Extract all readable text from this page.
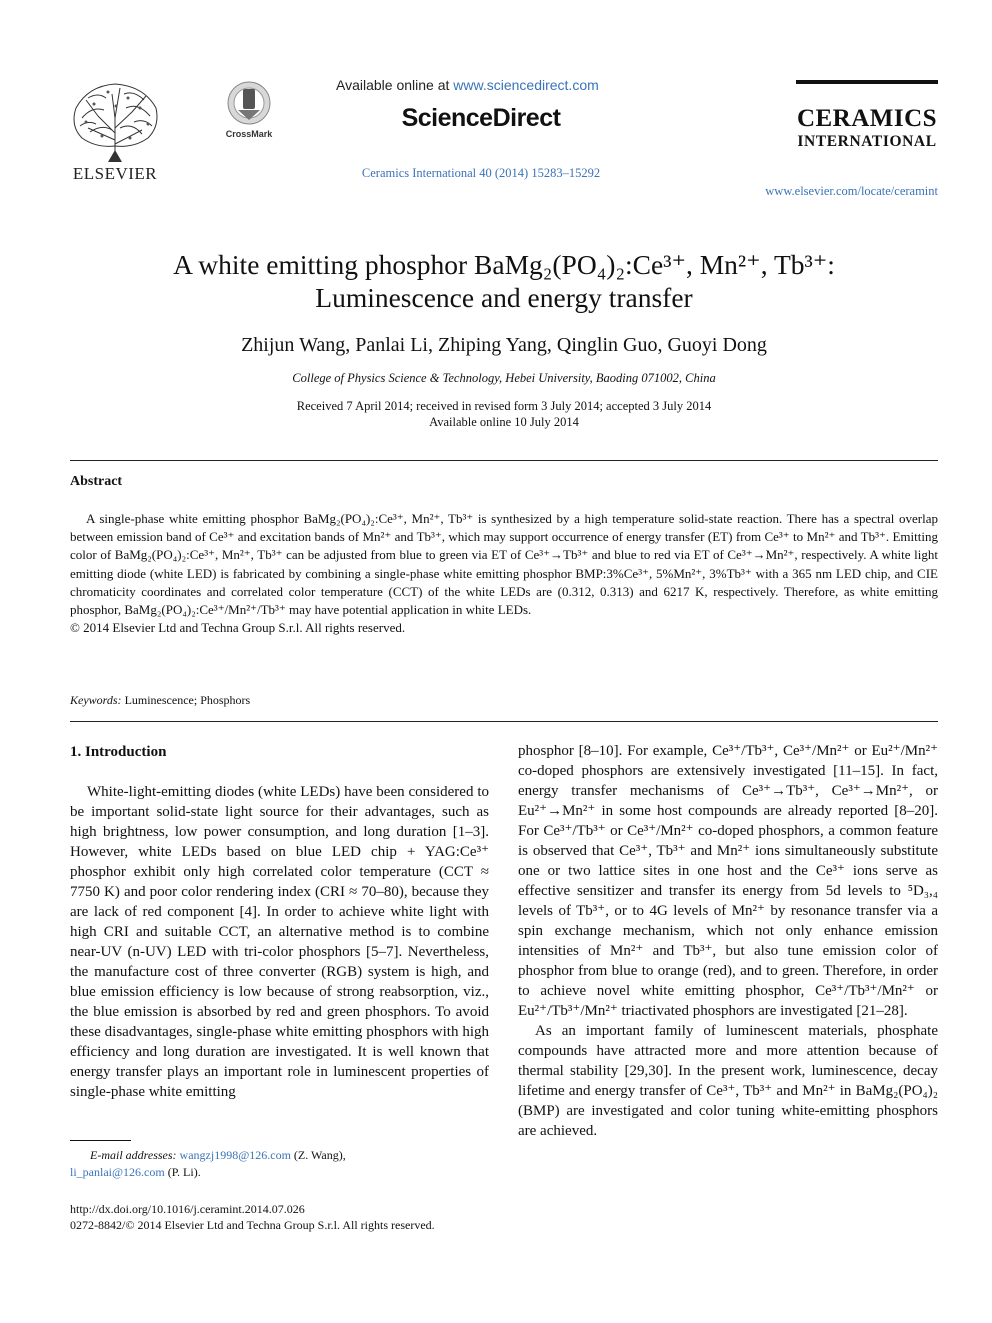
ELSEVIER
CrossMark
Available online at www.sciencedirect.com
ScienceDirect
Ceramics International 40 (2014) 15283–15292
CERAMICS
INTERNATIONAL
www.elsevier.com/locate/ceramint
A white emitting phosphor BaMg₂(PO₄)₂:Ce³⁺, Mn²⁺, Tb³⁺:
Luminescence and energy transfer
Zhijun Wang, Panlai Li, Zhiping Yang, Qinglin Guo, Guoyi Dong
College of Physics Science & Technology, Hebei University, Baoding 071002, China
Received 7 April 2014; received in revised form 3 July 2014; accepted 3 July 2014
Available online 10 July 2014
Abstract

A single-phase white emitting phosphor BaMg₂(PO₄)₂:Ce³⁺, Mn²⁺, Tb³⁺ is synthesized by a high temperature solid-state reaction. There has a spectral overlap between emission band of Ce³⁺ and excitation bands of Mn²⁺ and Tb³⁺, which may support occurrence of energy transfer (ET) from Ce³⁺ to Mn²⁺ and Tb³⁺. Emitting color of BaMg₂(PO₄)₂:Ce³⁺, Mn²⁺, Tb³⁺ can be adjusted from blue to green via ET of Ce³⁺→Tb³⁺ and blue to red via ET of Ce³⁺→Mn²⁺, respectively. A white light emitting diode (white LED) is fabricated by combining a single-phase white emitting phosphor BMP:3%Ce³⁺, 5%Mn²⁺, 3%Tb³⁺ with a 365 nm LED chip, and CIE chromaticity coordinates and correlated color temperature (CCT) of the white LEDs are (0.312, 0.313) and 6217 K, respectively. Therefore, as white emitting phosphor, BaMg₂(PO₄)₂:Ce³⁺/Mn²⁺/Tb³⁺ may have potential application in white LEDs.

© 2014 Elsevier Ltd and Techna Group S.r.l. All rights reserved.

Keywords: Luminescence; Phosphors
1. Introduction

White-light-emitting diodes (white LEDs) have been considered to be important solid-state light source for their advantages, such as high brightness, low power consumption, and long duration [1–3]. However, white LEDs based on blue LED chip + YAG:Ce³⁺ phosphor exhibit only high correlated color temperature (CCT ≈ 7750 K) and poor color rendering index (CRI ≈ 70–80), because they are lack of red component [4]. In order to achieve white light with high CRI and suitable CCT, an alternative method is to combine near-UV (n-UV) LED with tri-color phosphors [5–7]. Nevertheless, the manufacture cost of three converter (RGB) system is high, and blue emission efficiency is low because of strong reabsorption, viz., the blue emission is absorbed by red and green phosphors. To avoid these disadvantages, single-phase white emitting phosphors with high efficiency and long duration are investigated. It is well known that energy transfer plays an important role in luminescent properties of single-phase white emitting

phosphor [8–10]. For example, Ce³⁺/Tb³⁺, Ce³⁺/Mn²⁺ or Eu²⁺/Mn²⁺ co-doped phosphors are extensively investigated [11–15]. In fact, energy transfer mechanisms of Ce³⁺→Tb³⁺, Ce³⁺→Mn²⁺, or Eu²⁺→Mn²⁺ in some host compounds are already reported [8–20]. For Ce³⁺/Tb³⁺ or Ce³⁺/Mn²⁺ co-doped phosphors, a common feature is observed that Ce³⁺, Tb³⁺ and Mn²⁺ ions simultaneously substitute one or two lattice sites in one host and the Ce³⁺ ions serve as effective sensitizer and transfer its energy from 5d levels to ⁵D₃,₄ levels of Tb³⁺, or to 4G levels of Mn²⁺ by resonance transfer via a spin exchange mechanism, which not only enhance emission intensities of Mn²⁺ and Tb³⁺, but also tune emission color of phosphor from blue to orange (red), and to green. Therefore, in order to achieve novel white emitting phosphor, Ce³⁺/Tb³⁺/Mn²⁺ or Eu²⁺/Tb³⁺/Mn²⁺ triactivated phosphors are investigated [21–28].

As an important family of luminescent materials, phosphate compounds have attracted more and more attention because of thermal stability [29,30]. In the present work, luminescence, decay lifetime and energy transfer of Ce³⁺, Tb³⁺ and Mn²⁺ in BaMg₂(PO₄)₂ (BMP) are investigated and color tuning white-emitting phosphors are achieved.

E-mail addresses: wangzj1998@126.com (Z. Wang),
li_panlai@126.com (P. Li).
http://dx.doi.org/10.1016/j.ceramint.2014.07.026
0272-8842/© 2014 Elsevier Ltd and Techna Group S.r.l. All rights reserved.
